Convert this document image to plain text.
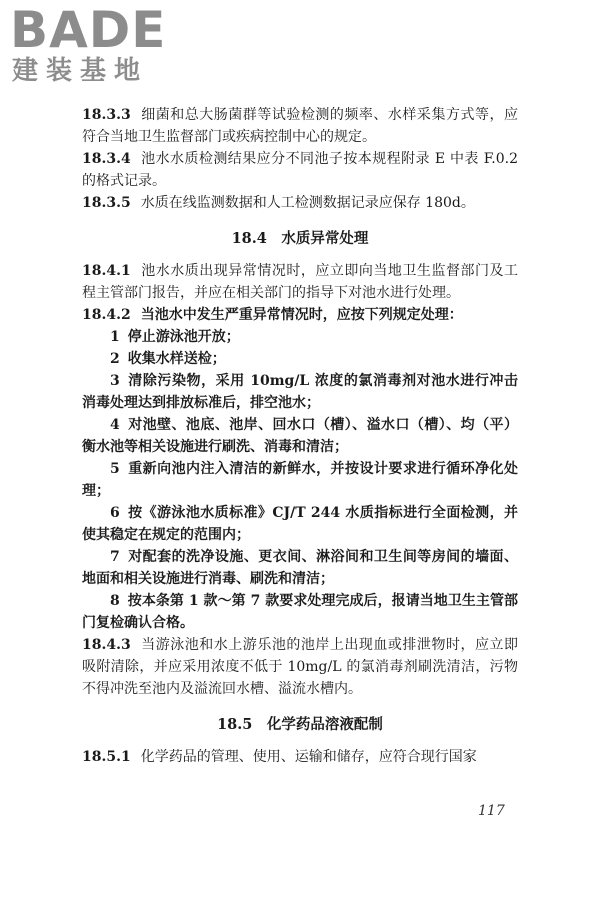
BADE
建装基地

18.3.3 细菌和总大肠菌群等试验检测的频率、水样采集方式等，应符合当地卫生监督部门或疾病控制中心的规定。

18.3.4 池水水质检测结果应分不同池子按本规程附录 E 中表 F.0.2 的格式记录。

18.3.5 水质在线监测数据和人工检测数据记录应保存 180d。

18.4　水质异常处理

18.4.1 池水水质出现异常情况时，应立即向当地卫生监督部门及工程主管部门报告，并应在相关部门的指导下对池水进行处理。

18.4.2 当池水中发生严重异常情况时，应按下列规定处理：

1 停止游泳池开放；

2 收集水样送检；

3 清除污染物，采用 10mg/L 浓度的氯消毒剂对池水进行冲击消毒处理达到排放标准后，排空池水；

4 对池壁、池底、池岸、回水口（槽）、溢水口（槽）、均（平）衡水池等相关设施进行刷洗、消毒和清洁；

5 重新向池内注入清洁的新鲜水，并按设计要求进行循环净化处理；

6 按《游泳池水质标准》CJ/T 244 水质指标进行全面检测，并使其稳定在规定的范围内；

7 对配套的洗净设施、更衣间、淋浴间和卫生间等房间的墙面、地面和相关设施进行消毒、刷洗和清洁；

8 按本条第 1 款～第 7 款要求处理完成后，报请当地卫生主管部门复检确认合格。

18.4.3 当游泳池和水上游乐池的池岸上出现血或排泄物时，应立即吸附清除，并应采用浓度不低于 10mg/L 的氯消毒剂刷洗清洁，污物不得冲洗至池内及溢流回水槽、溢流水槽内。

18.5　化学药品溶液配制

18.5.1 化学药品的管理、使用、运输和储存，应符合现行国家

117
